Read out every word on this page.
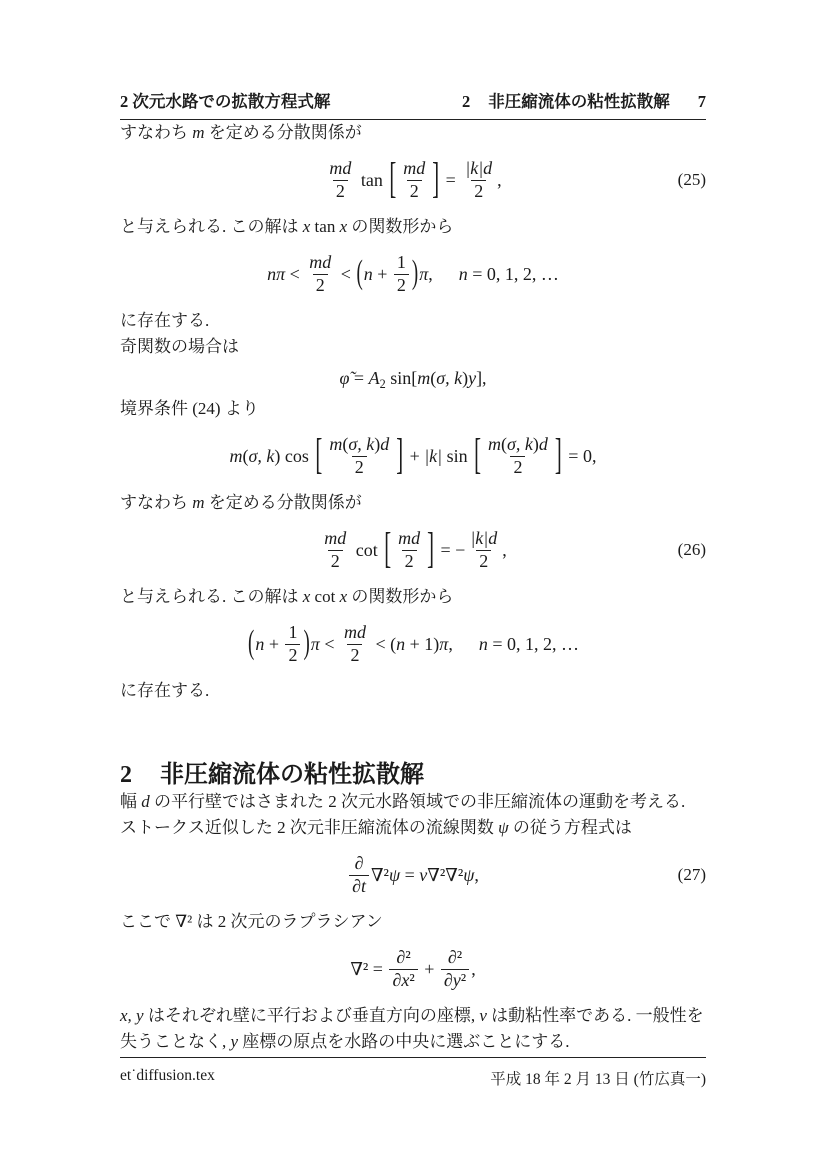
2 次元水路での拡散方程式解	2 非圧縮流体の粘性拡散解 7

すなわち m を定める分散関係が

$\frac{md}{2}$ tan [ $\frac{md}{2}$ ] = $\frac{|k|d}{2}$ ,	(25)

と与えられる. この解は x tan x の関数形から

$n\pi < \frac{md}{2}$ < ( $n + \frac{1}{2}$ ) π , n = 0, 1, 2, …

に存在する.

奇関数の場合は

φ̃ = A 2 sin[ m ( σ, k ) y ],

境界条件 (24) より

m ( σ, k ) cos [ $\frac{m(\sigma, k)d}{2}$ ] + |k| sin [ $\frac{m(\sigma, k)d}{2}$ ] = 0,

すなわち m を定める分散関係が

$\frac{md}{2}$ cot [ $\frac{md}{2}$ ] = − $\frac{|k|d}{2}$ ,	(26)

と与えられる. この解は x cot x の関数形から

( $n + \frac{1}{2}$ ) $\pi < \frac{md}{2}$ < ( n + 1) π , n = 0, 1, 2, …

に存在する.

2 非圧縮流体の粘性拡散解

幅 d の平行壁ではさまれた 2 次元水路領域での非圧縮流体の運動を考える. ストークス近似した 2 次元非圧縮流体の流線関数 ψ の従う方程式は

$\frac{\partial}{\partial t} \nabla^2$ ψ = ν ∇²∇² ψ ,	(27)

ここで ∇² は 2 次元のラプラシアン

$\nabla^2 = \frac{\text{∂²}}{\text{∂x²}} + \frac{\text{∂²}}{\text{∂y²}}$ ,

x, y はそれぞれ壁に平行および垂直方向の座標, ν は動粘性率である. 一般性を失うことなく, y 座標の原点を水路の中央に選ぶことにする.

et˙diffusion.tex	平成 18 年 2 月 13 日 (竹広真一)
